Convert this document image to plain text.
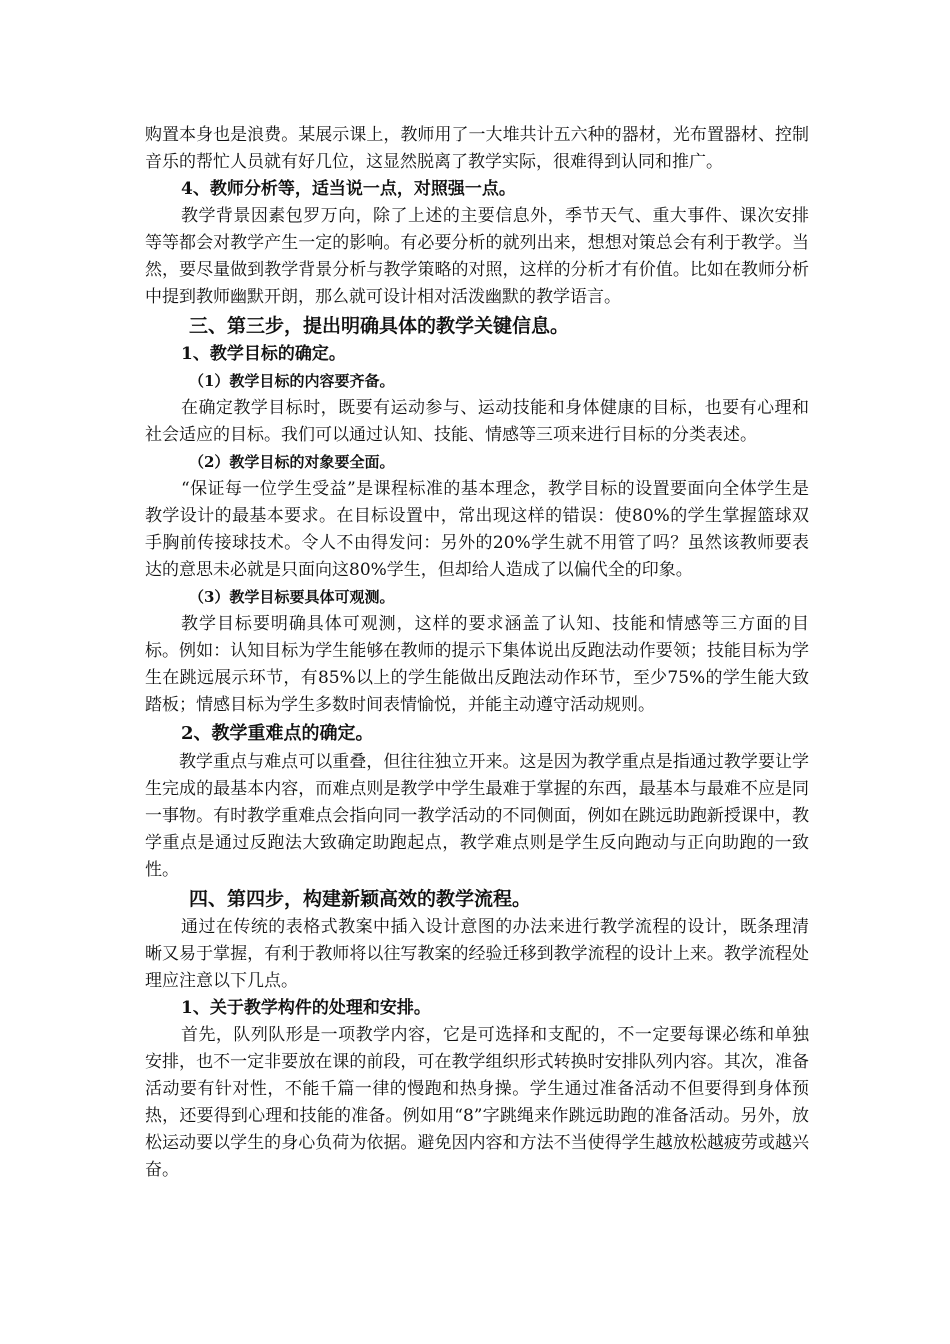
购置本身也是浪费。某展示课上，教师用了一大堆共计五六种的器材，光布置器材、控制音乐的帮忙人员就有好几位，这显然脱离了教学实际，很难得到认同和推广。

4、教师分析等，适当说一点，对照强一点。

教学背景因素包罗万向，除了上述的主要信息外，季节天气、重大事件、课次安排等等都会对教学产生一定的影响。有必要分析的就列出来，想想对策总会有利于教学。当然，要尽量做到教学背景分析与教学策略的对照，这样的分析才有价值。比如在教师分析中提到教师幽默开朗，那么就可设计相对活泼幽默的教学语言。

三、第三步，提出明确具体的教学关键信息。

1、教学目标的确定。

（1）教学目标的内容要齐备。

在确定教学目标时，既要有运动参与、运动技能和身体健康的目标，也要有心理和社会适应的目标。我们可以通过认知、技能、情感等三项来进行目标的分类表述。

（2）教学目标的对象要全面。

“保证每一位学生受益”是课程标准的基本理念，教学目标的设置要面向全体学生是教学设计的最基本要求。在目标设置中，常出现这样的错误：使80%的学生掌握篮球双手胸前传接球技术。令人不由得发问：另外的20%学生就不用管了吗？虽然该教师要表达的意思未必就是只面向这80%学生，但却给人造成了以偏代全的印象。

（3）教学目标要具体可观测。

教学目标要明确具体可观测，这样的要求涵盖了认知、技能和情感等三方面的目标。例如：认知目标为学生能够在教师的提示下集体说出反跑法动作要领；技能目标为学生在跳远展示环节，有85%以上的学生能做出反跑法动作环节，至少75%的学生能大致踏板；情感目标为学生多数时间表情愉悦，并能主动遵守活动规则。

2、教学重难点的确定。

教学重点与难点可以重叠，但往往独立开来。这是因为教学重点是指通过教学要让学生完成的最基本内容，而难点则是教学中学生最难于掌握的东西，最基本与最难不应是同一事物。有时教学重难点会指向同一教学活动的不同侧面，例如在跳远助跑新授课中，教学重点是通过反跑法大致确定助跑起点，教学难点则是学生反向跑动与正向助跑的一致性。

四、第四步，构建新颖高效的教学流程。

通过在传统的表格式教案中插入设计意图的办法来进行教学流程的设计，既条理清晰又易于掌握，有利于教师将以往写教案的经验迁移到教学流程的设计上来。教学流程处理应注意以下几点。

1、关于教学构件的处理和安排。

首先，队列队形是一项教学内容，它是可选择和支配的，不一定要每课必练和单独安排，也不一定非要放在课的前段，可在教学组织形式转换时安排队列内容。其次，准备活动要有针对性，不能千篇一律的慢跑和热身操。学生通过准备活动不但要得到身体预热，还要得到心理和技能的准备。例如用“8”字跳绳来作跳远助跑的准备活动。另外，放松运动要以学生的身心负荷为依据。避免因内容和方法不当使得学生越放松越疲劳或越兴奋。
